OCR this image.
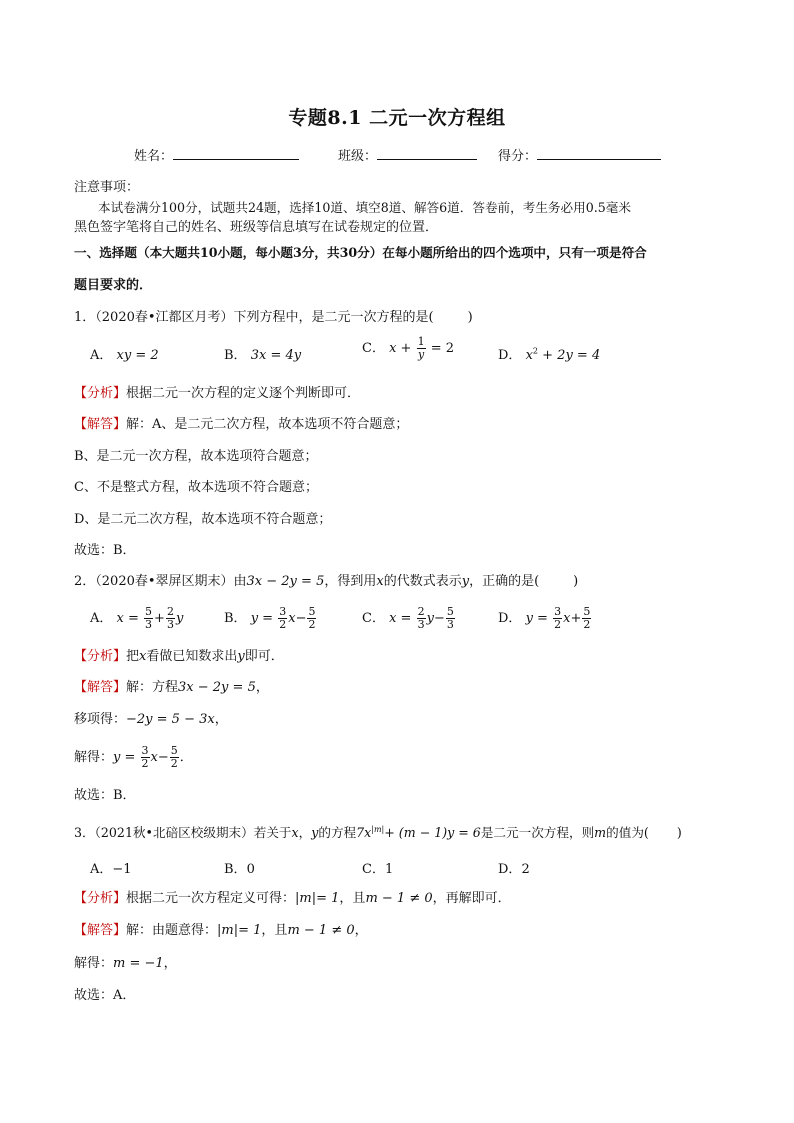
专题8.1 二元一次方程组
姓名：	班级：	得分：
注意事项：
本试卷满分100分，试题共24题，选择10道、填空8道、解答6道．答卷前，考生务必用0.5毫米
黑色签字笔将自己的姓名、班级等信息填写在试卷规定的位置．
一、选择题（本大题共10小题，每小题3分，共30分）在每小题所给出的四个选项中，只有一项是符合
题目要求的．
1．（2020春•江都区月考）下列方程中，是二元一次方程的是(	)
A． xy = 2	B． 3x = 4y	C． $x + \frac{1}{y} = 2$	D． $x^2 + 2y = 4$
【分析】根据二元一次方程的定义逐个判断即可．
【解答】解：A、是二元二次方程，故本选项不符合题意；
B、是二元一次方程，故本选项符合题意；
C、不是整式方程，故本选项不符合题意；
D、是二元二次方程，故本选项不符合题意；
故选：B．
2．（2020春•翠屏区期末）由3x − 2y = 5，得到用x的代数式表示y，正确的是(	)
A． $x = \frac{5}{3} + \frac{2}{3}$ y	B． $y = \frac{3}{2} x- \frac{5}{2}$	C． $x = \frac{2}{3} y- \frac{5}{3}$	D． $y = \frac{3}{2} x+ \frac{5}{2}$
【分析】把x看做已知数求出y即可．
【解答】解：方程3x − 2y = 5，
移项得：−2y = 5 − 3x，
解得：$y = \frac{3}{2} x- \frac{5}{2}$ ．
故选：B．
3．（2021秋•北碚区校级期末）若关于x，y的方程$7x^{|m|}+ (m - 1)y = 6$是二元一次方程，则m的值为( )
A．−1	B．0	C．1	D．2
【分析】根据二元一次方程定义可得：|m|= 1，且m − 1 ≠ 0，再解即可．
【解答】解：由题意得：|m|= 1，且m − 1 ≠ 0，
解得：m = −1，
故选：A．
